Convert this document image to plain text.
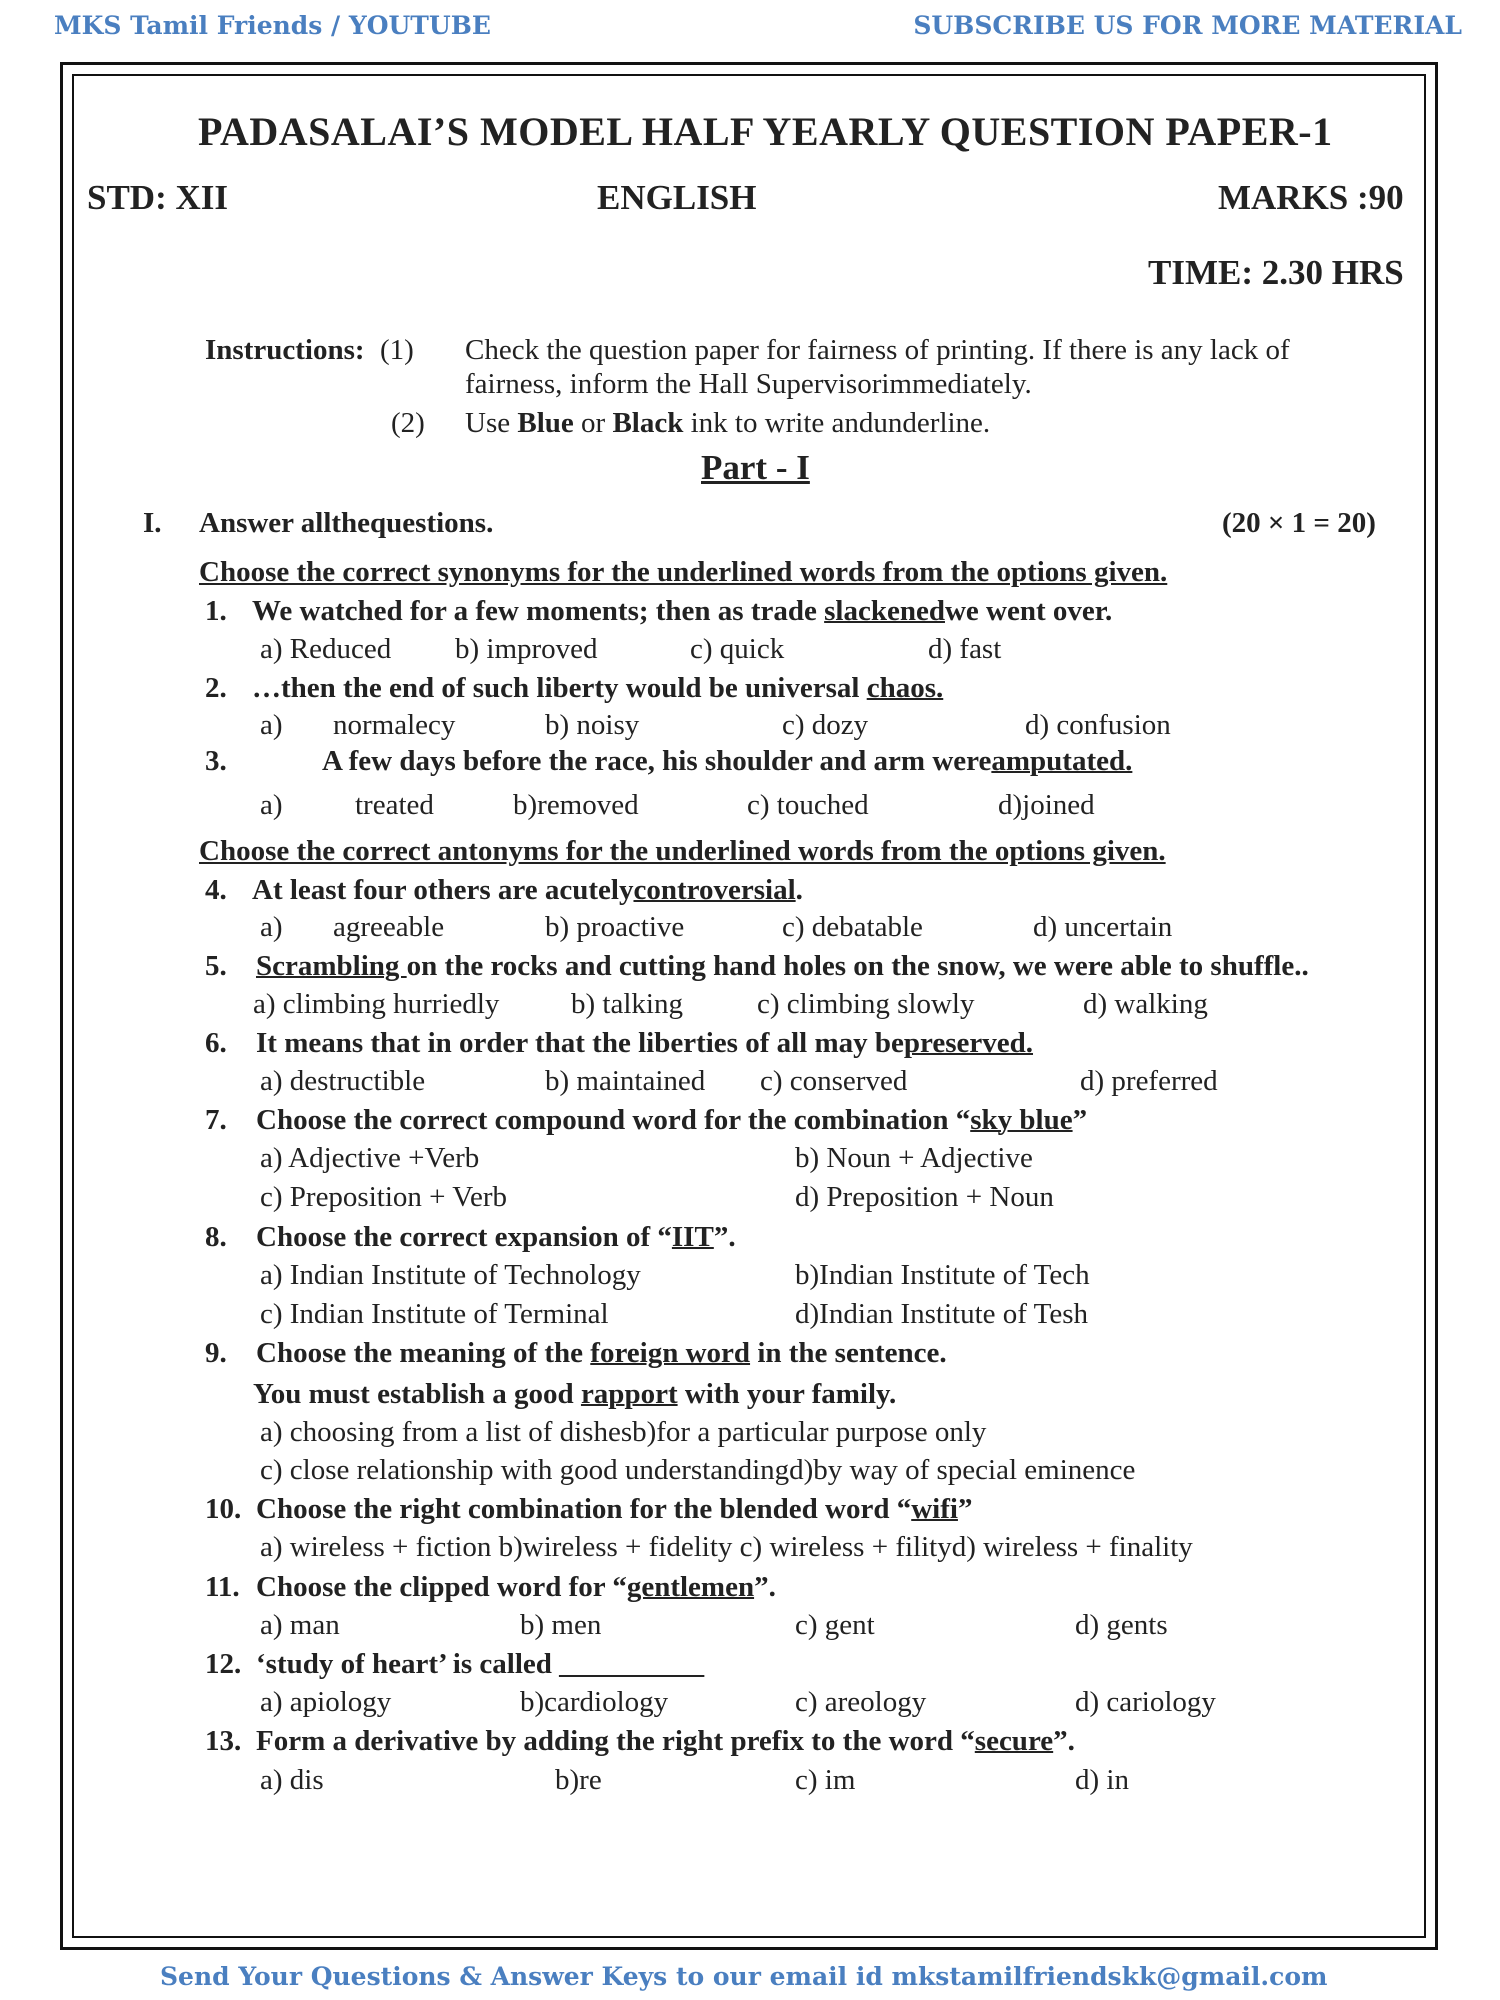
MKS Tamil Friends / YOUTUBE	SUBSCRIBE US FOR MORE MATERIAL
PADASALAI’S MODEL HALF YEARLY QUESTION PAPER-1
STD: XII	ENGLISH	MARKS :90
TIME: 2.30 HRS
Instructions: (1) Check the question paper for fairness of printing. If there is any lack of
fairness, inform the Hall Supervisorimmediately.
(2) Use Blue or Black ink to write andunderline.
Part - I
I. Answer allthequestions.	(20 × 1 = 20)
Choose the correct synonyms for the underlined words from the options given.
1. We watched for a few moments; then as trade slackenedwe went over.
a) Reduced b) improved	c) quick	d) fast
2. …then the end of such liberty would be universal chaos.
a) normalecy	b) noisy	c) dozy	d) confusion
3.	A few days before the race, his shoulder and arm wereamputated.
a) treated	b)removed	c) touched	d)joined
Choose the correct antonyms for the underlined words from the options given.
4. At least four others are acutelycontroversial.
a) agreeable	b) proactive	c) debatable	d) uncertain
5. Scrambling on the rocks and cutting hand holes on the snow, we were able to shuffle..
a) climbing hurriedly b) talking	c) climbing slowly	d) walking
6. It means that in order that the liberties of all may bepreserved.
a) destructible	b) maintained c) conserved	d) preferred
7. Choose the correct compound word for the combination “sky blue”
a) Adjective +Verb	b) Noun + Adjective
c) Preposition + Verb	d) Preposition + Noun
8. Choose the correct expansion of “IIT”.
a) Indian Institute of Technology	b)Indian Institute of Tech
c) Indian Institute of Terminal	d)Indian Institute of Tesh
9. Choose the meaning of the foreign word in the sentence.
You must establish a good rapport with your family.
a) choosing from a list of dishesb)for a particular purpose only
c) close relationship with good understandingd)by way of special eminence
10. Choose the right combination for the blended word “wifi”
a) wireless + fiction b)wireless + fidelity c) wireless + filityd) wireless + finality
11. Choose the clipped word for “gentlemen”.
a) man	b) men	c) gent	d) gents
12. ‘study of heart’ is called __________
a) apiology	b)cardiology	c) areology	d) cariology
13. Form a derivative by adding the right prefix to the word “secure”.
a) dis	b)re	c) im	d) in
Send Your Questions & Answer Keys to our email id mkstamilfriendskk@gmail.com
